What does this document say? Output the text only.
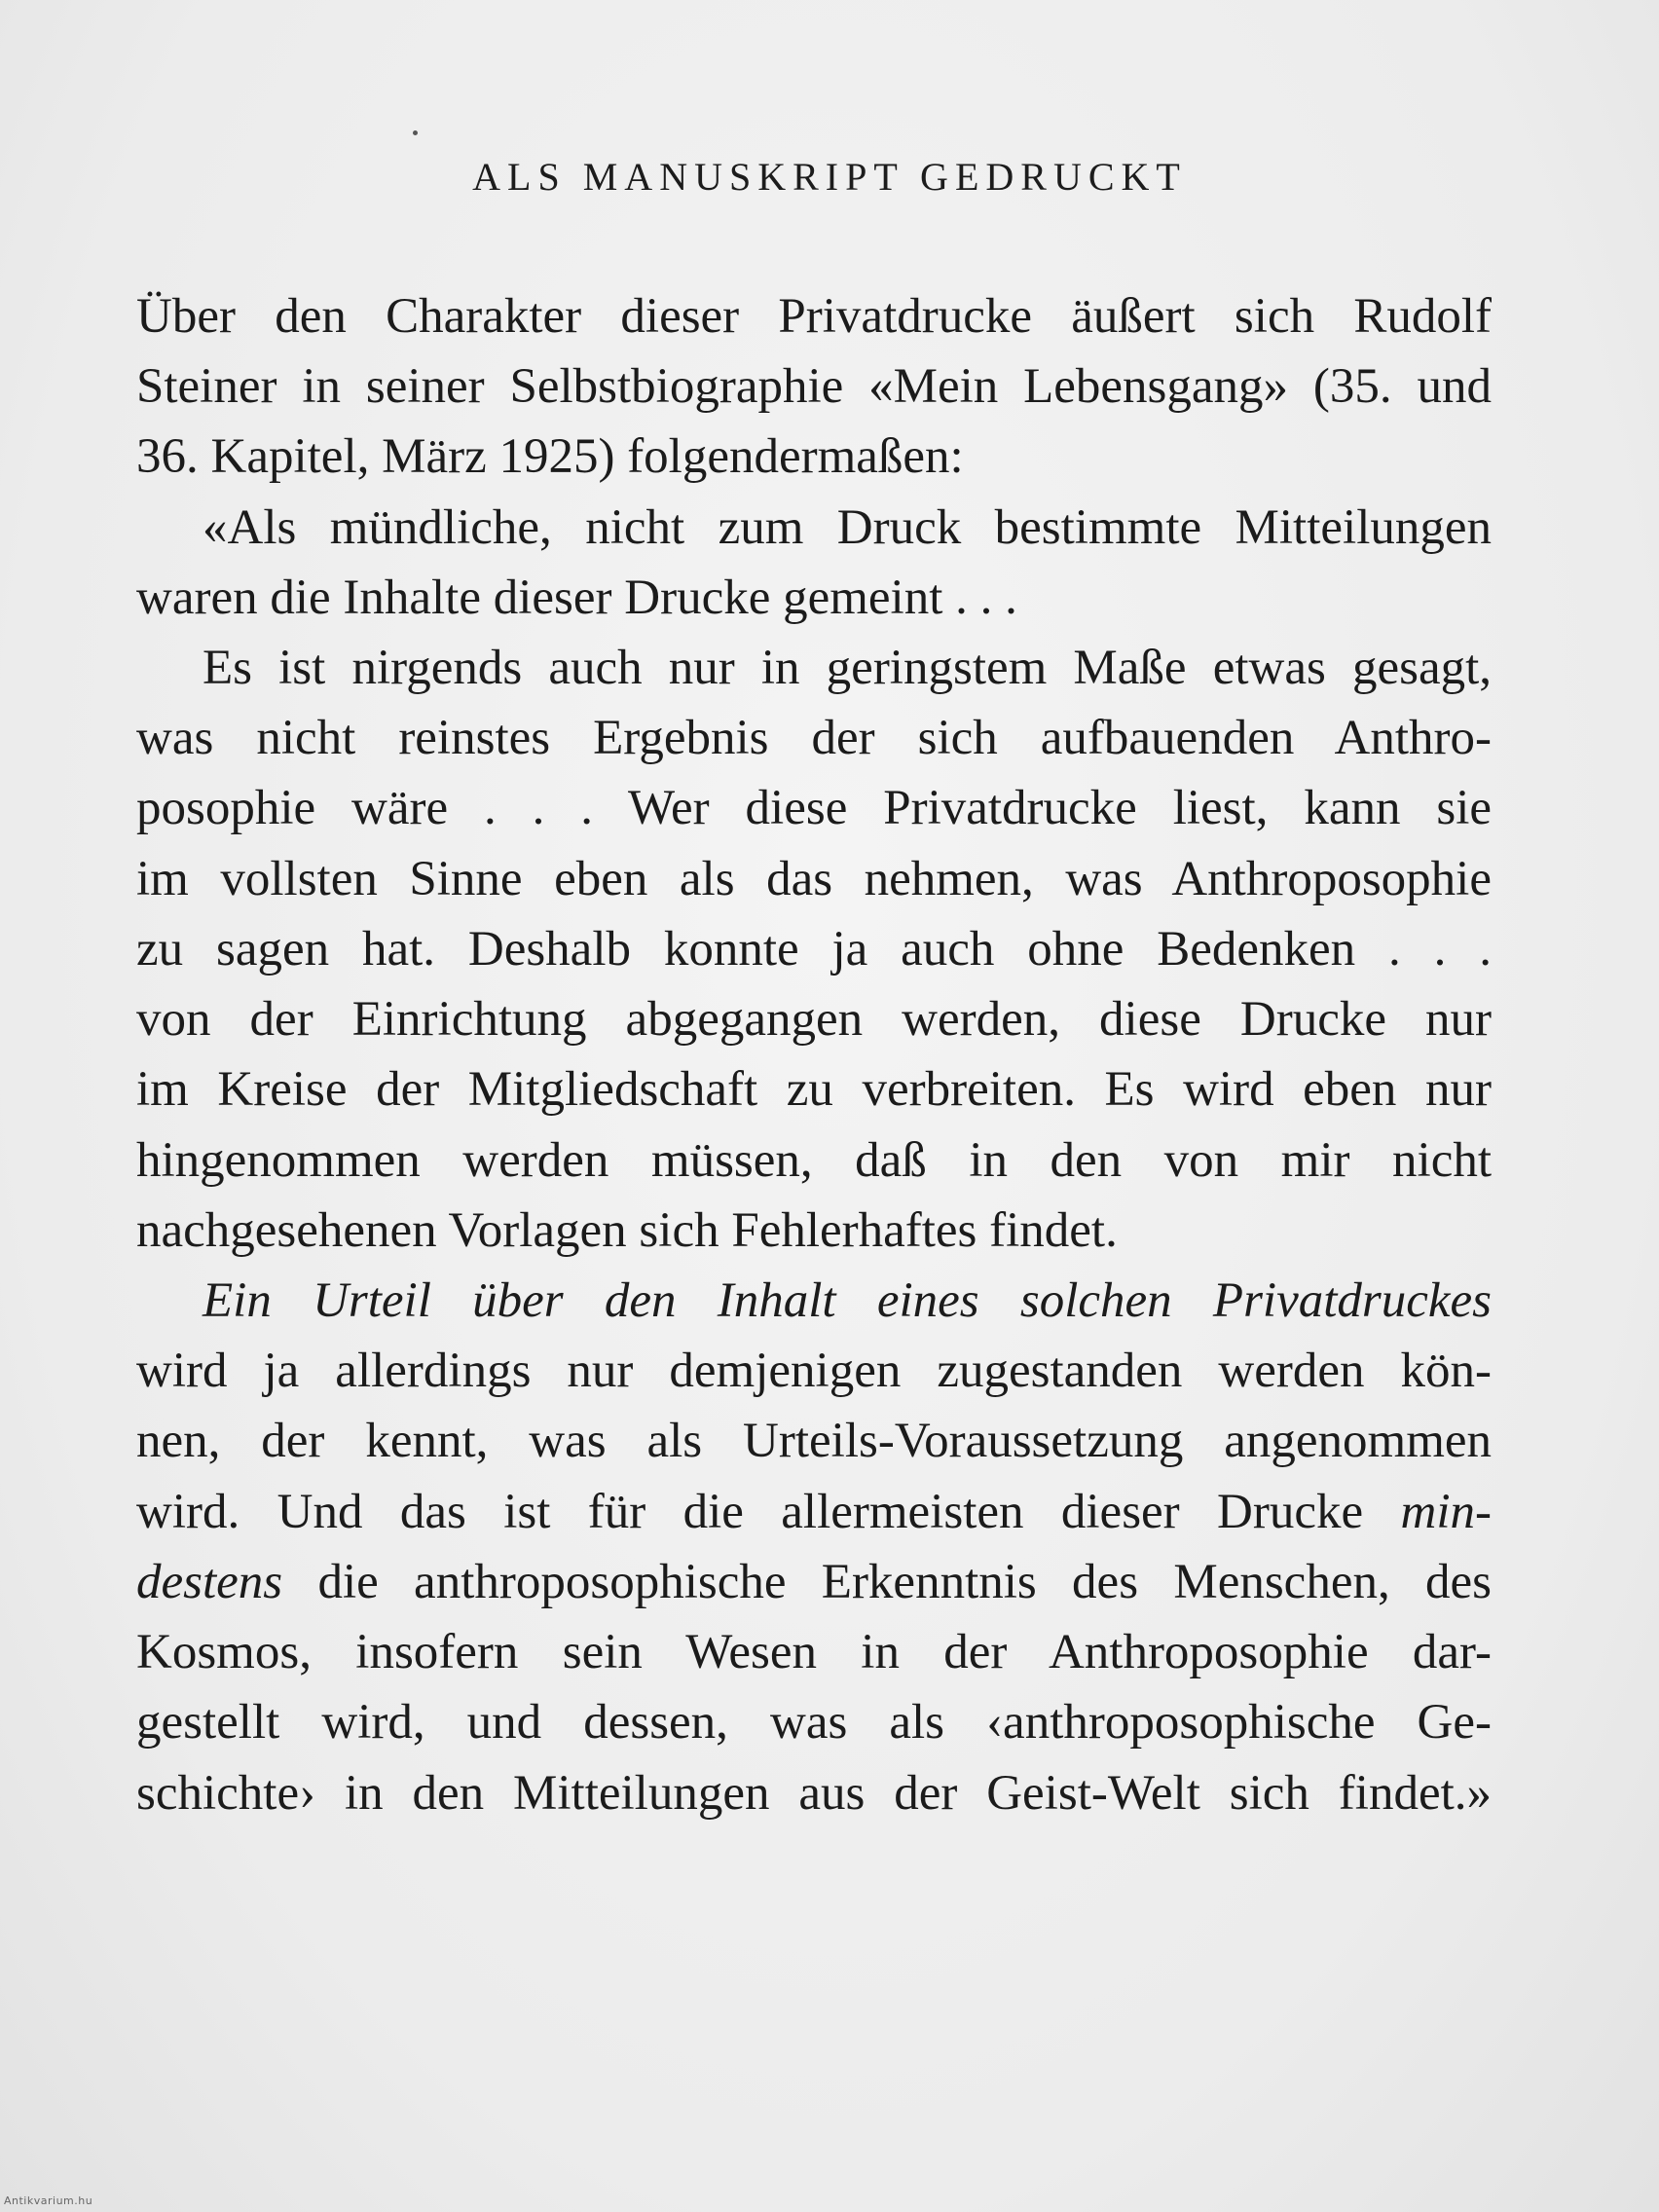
ALS MANUSKRIPT GEDRUCKT
Über den Charakter dieser Privatdrucke äußert sich Rudolf
Steiner in seiner Selbstbiographie «Mein Lebensgang» (35. und
36. Kapitel, März 1925) folgendermaßen:
«Als mündliche, nicht zum Druck bestimmte Mitteilungen
waren die Inhalte dieser Drucke gemeint . . .
Es ist nirgends auch nur in geringstem Maße etwas gesagt,
was nicht reinstes Ergebnis der sich aufbauenden Anthro-
posophie wäre . . . Wer diese Privatdrucke liest, kann sie
im vollsten Sinne eben als das nehmen, was Anthroposophie
zu sagen hat. Deshalb konnte ja auch ohne Bedenken . . .
von der Einrichtung abgegangen werden, diese Drucke nur
im Kreise der Mitgliedschaft zu verbreiten. Es wird eben nur
hingenommen werden müssen, daß in den von mir nicht
nachgesehenen Vorlagen sich Fehlerhaftes findet.
Ein Urteil über den Inhalt eines solchen Privatdruckes
wird ja allerdings nur demjenigen zugestanden werden kön-
nen, der kennt, was als Urteils-Voraussetzung angenommen
wird. Und das ist für die allermeisten dieser Drucke min-
destens die anthroposophische Erkenntnis des Menschen, des
Kosmos, insofern sein Wesen in der Anthroposophie dar-
gestellt wird, und dessen, was als ‹anthroposophische Ge-
schichte› in den Mitteilungen aus der Geist-Welt sich findet.»
Antikvarium.hu
